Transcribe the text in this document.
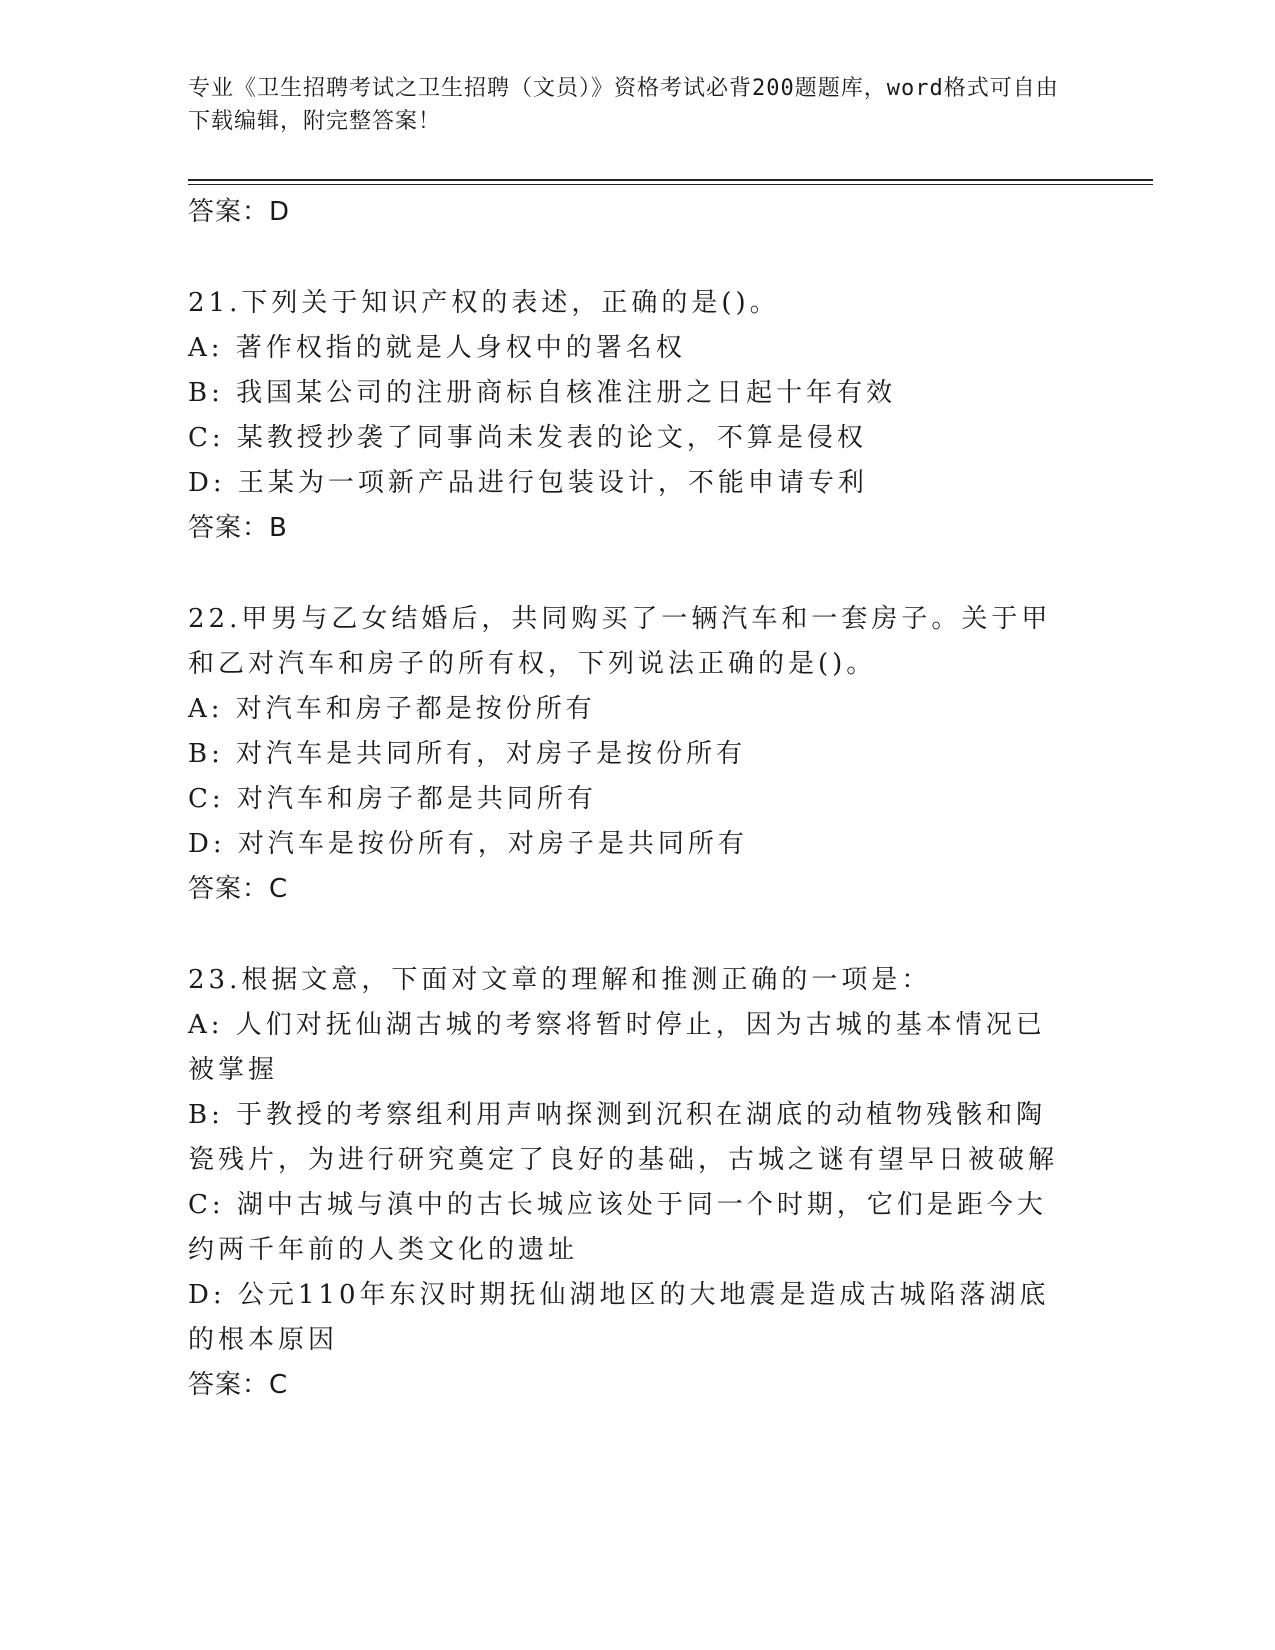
专业《卫生招聘考试之卫生招聘（文员）》资格考试必背200题题库，word格式可自由下载编辑，附完整答案！
答案：D
21.下列关于知识产权的表述，正确的是()。
A: 著作权指的就是人身权中的署名权
B: 我国某公司的注册商标自核准注册之日起十年有效
C: 某教授抄袭了同事尚未发表的论文，不算是侵权
D: 王某为一项新产品进行包装设计，不能申请专利
答案：B
22.甲男与乙女结婚后，共同购买了一辆汽车和一套房子。关于甲和乙对汽车和房子的所有权，下列说法正确的是()。
A: 对汽车和房子都是按份所有
B: 对汽车是共同所有，对房子是按份所有
C: 对汽车和房子都是共同所有
D: 对汽车是按份所有，对房子是共同所有
答案：C
23.根据文意，下面对文章的理解和推测正确的一项是：
A: 人们对抚仙湖古城的考察将暂时停止，因为古城的基本情况已被掌握
B: 于教授的考察组利用声呐探测到沉积在湖底的动植物残骸和陶瓷残片，为进行研究奠定了良好的基础，古城之谜有望早日被破解
C: 湖中古城与滇中的古长城应该处于同一个时期，它们是距今大约两千年前的人类文化的遗址
D: 公元110年东汉时期抚仙湖地区的大地震是造成古城陷落湖底的根本原因
答案：C
